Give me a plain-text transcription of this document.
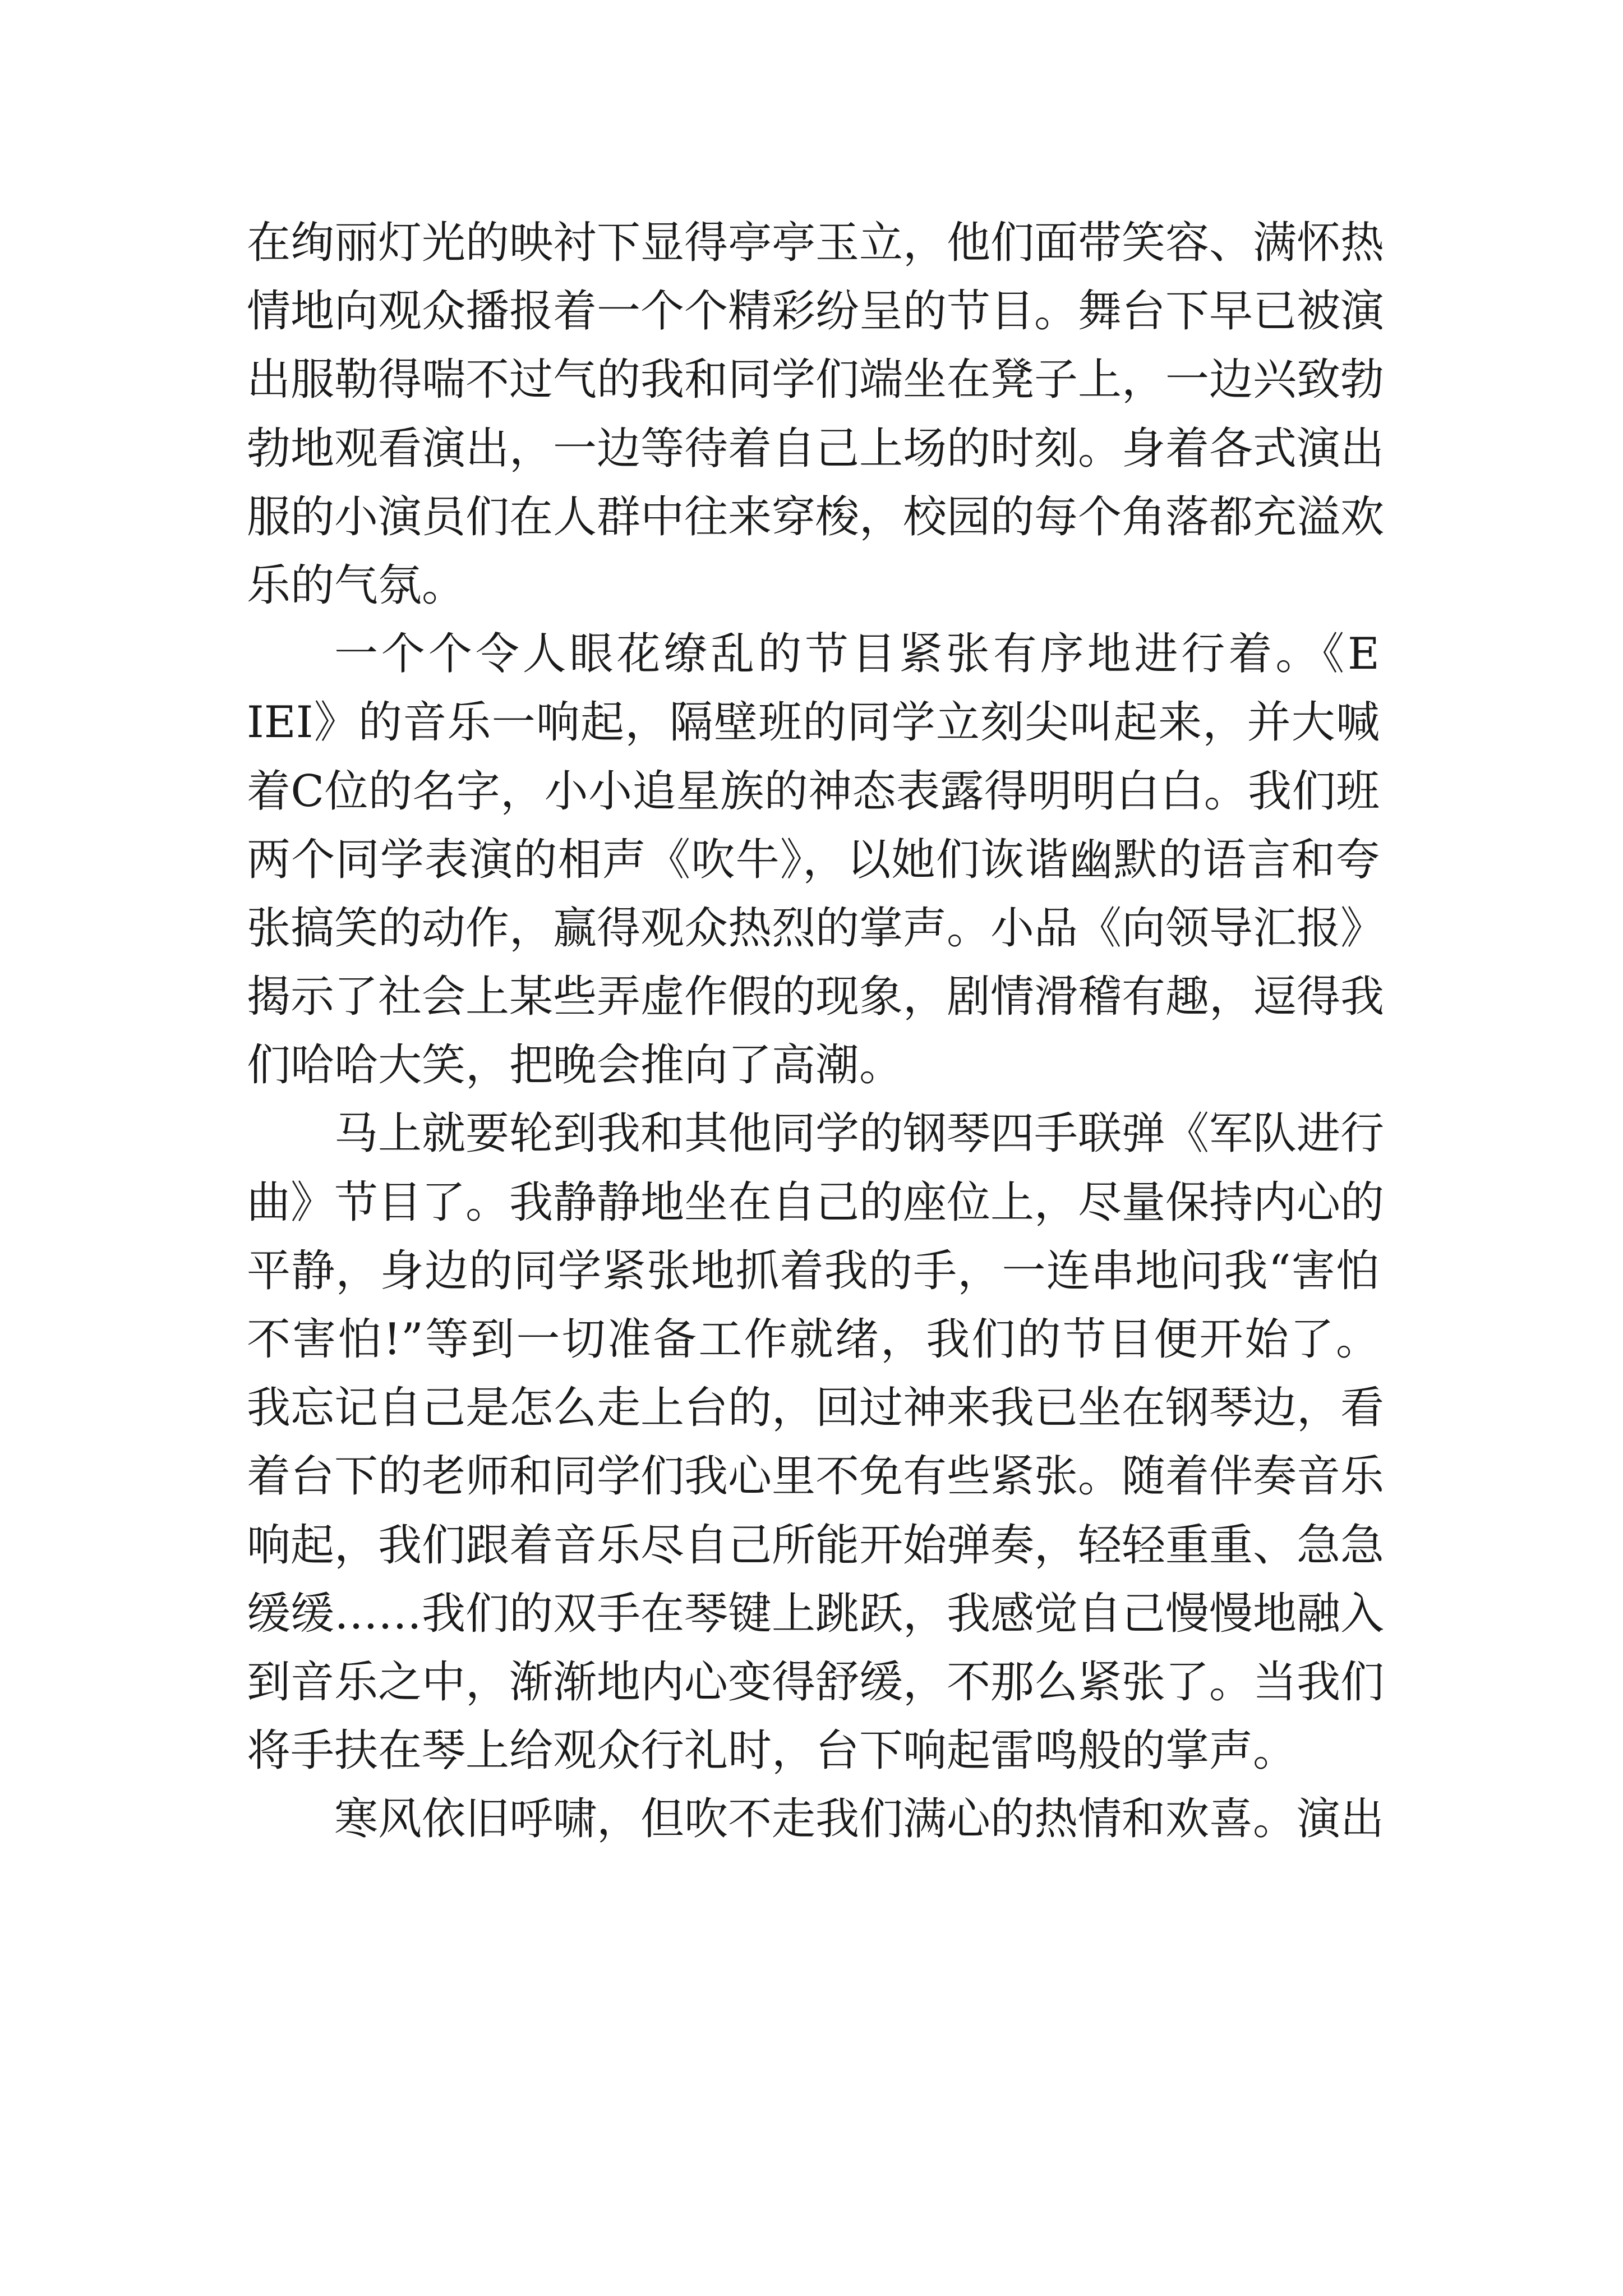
在绚丽灯光的映衬下显得亭亭玉立，他们面带笑容、满怀热
情地向观众播报着一个个精彩纷呈的节目。舞台下早已被演
出服勒得喘不过气的我和同学们端坐在凳子上，一边兴致勃
勃地观看演出，一边等待着自己上场的时刻。身着各式演出
服的小演员们在人群中往来穿梭，校园的每个角落都充溢欢
乐的气氛。
一个个令人眼花缭乱的节目紧张有序地进行着。《E
IEI》的音乐一响起，隔壁班的同学立刻尖叫起来，并大喊
着C位的名字，小小追星族的神态表露得明明白白。我们班
两个同学表演的相声《吹牛》，以她们诙谐幽默的语言和夸
张搞笑的动作，赢得观众热烈的掌声。小品《向领导汇报》
揭示了社会上某些弄虚作假的现象，剧情滑稽有趣，逗得我
们哈哈大笑，把晚会推向了高潮。
马上就要轮到我和其他同学的钢琴四手联弹《军队进行
曲》节目了。我静静地坐在自己的座位上，尽量保持内心的
平静，身边的同学紧张地抓着我的手，一连串地问我“害怕
不害怕!”等到一切准备工作就绪，我们的节目便开始了。
我忘记自己是怎么走上台的，回过神来我已坐在钢琴边，看
着台下的老师和同学们我心里不免有些紧张。随着伴奏音乐
响起，我们跟着音乐尽自己所能开始弹奏，轻轻重重、急急
缓缓……我们的双手在琴键上跳跃，我感觉自己慢慢地融入
到音乐之中，渐渐地内心变得舒缓，不那么紧张了。当我们
将手扶在琴上给观众行礼时，台下响起雷鸣般的掌声。
寒风依旧呼啸，但吹不走我们满心的热情和欢喜。演出
